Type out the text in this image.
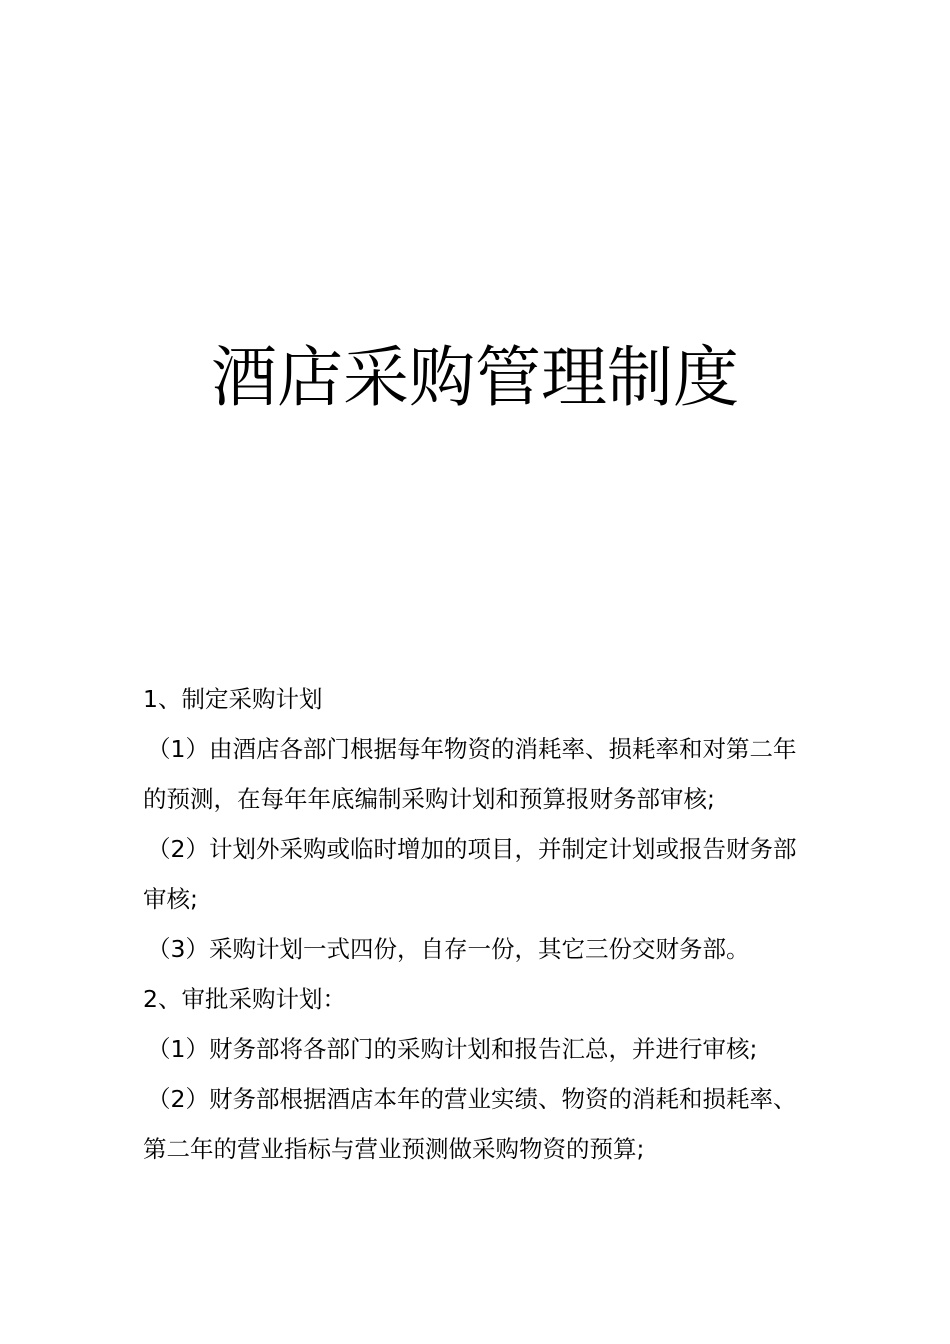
酒店采购管理制度

1、制定采购计划

（1）由酒店各部门根据每年物资的消耗率、损耗率和对第二年的预测，在每年年底编制采购计划和预算报财务部审核;

（2）计划外采购或临时增加的项目，并制定计划或报告财务部审核;

（3）采购计划一式四份，自存一份，其它三份交财务部。

2、审批采购计划：

（1）财务部将各部门的采购计划和报告汇总，并进行审核;

（2）财务部根据酒店本年的营业实绩、物资的消耗和损耗率、第二年的营业指标与营业预测做采购物资的预算;
